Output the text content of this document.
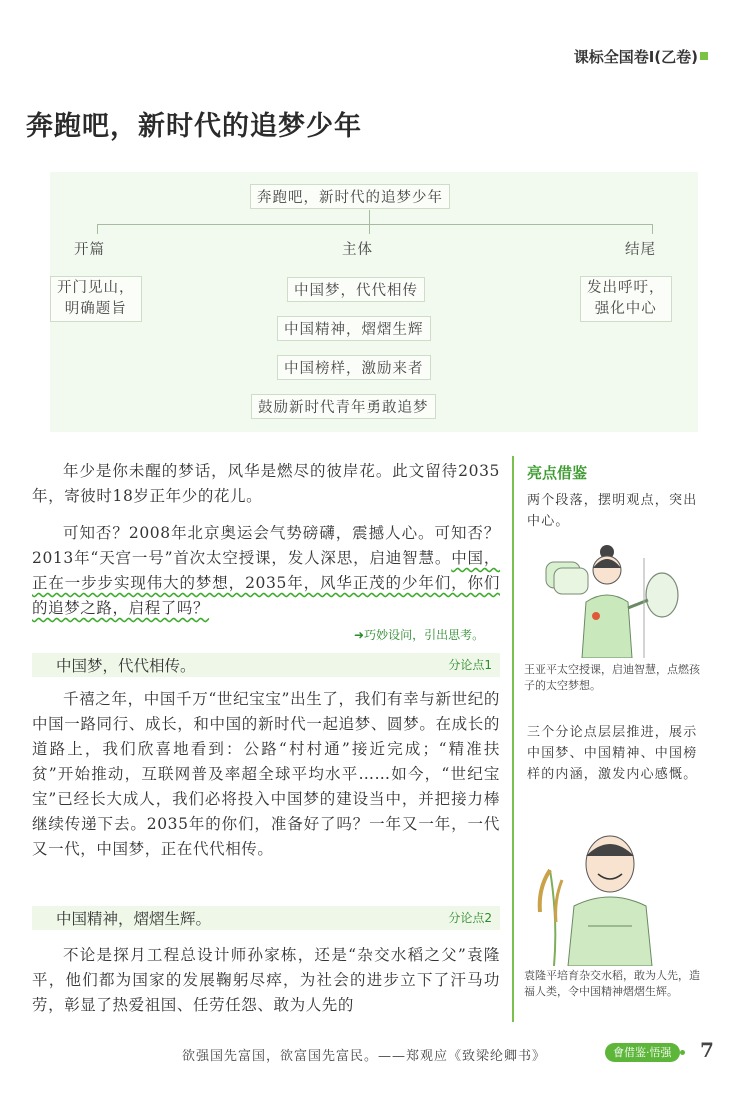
课标全国卷Ⅰ(乙卷)
奔跑吧，新时代的追梦少年
奔跑吧，新时代的追梦少年
开篇	主体	结尾
开门见山，
明确题旨
中国梦，代代相传
中国精神，熠熠生辉
中国榜样，激励来者
鼓励新时代青年勇敢追梦
发出呼吁，
强化中心
年少是你未醒的梦话，风华是燃尽的彼岸花。此文留待2035年，寄彼时18岁正年少的花儿。
可知否？2008年北京奥运会气势磅礴，震撼人心。可知否？2013年“天宫一号”首次太空授课，发人深思，启迪智慧。中国，正在一步步实现伟大的梦想，2035年，风华正茂的少年们，你们的追梦之路，启程了吗？
➜巧妙设问，引出思考。
中国梦，代代相传。	分论点1
千禧之年，中国千万“世纪宝宝”出生了，我们有幸与新世纪的中国一路同行、成长，和中国的新时代一起追梦、圆梦。在成长的道路上，我们欣喜地看到：公路“村村通”接近完成；“精准扶贫”开始推动，互联网普及率超全球平均水平……如今，“世纪宝宝”已经长大成人，我们必将投入中国梦的建设当中，并把接力棒继续传递下去。2035年的你们，准备好了吗？一年又一年，一代又一代，中国梦，正在代代相传。
中国精神，熠熠生辉。	分论点2
不论是探月工程总设计师孙家栋，还是“杂交水稻之父”袁隆平，他们都为国家的发展鞠躬尽瘁，为社会的进步立下了汗马功劳，彰显了热爱祖国、任劳任怨、敢为人先的
亮点借鉴
两个段落，摆明观点，突出中心。
王亚平太空授课，启迪智慧，点燃孩子的太空梦想。
三个分论点层层推进，展示中国梦、中国精神、中国榜样的内涵，激发内心感慨。
袁隆平培育杂交水稻，敢为人先，造福人类，令中国精神熠熠生辉。
欲强国先富国，欲富国先富民。——郑观应《致梁纶卿书》	會借鉴·悟强	7
